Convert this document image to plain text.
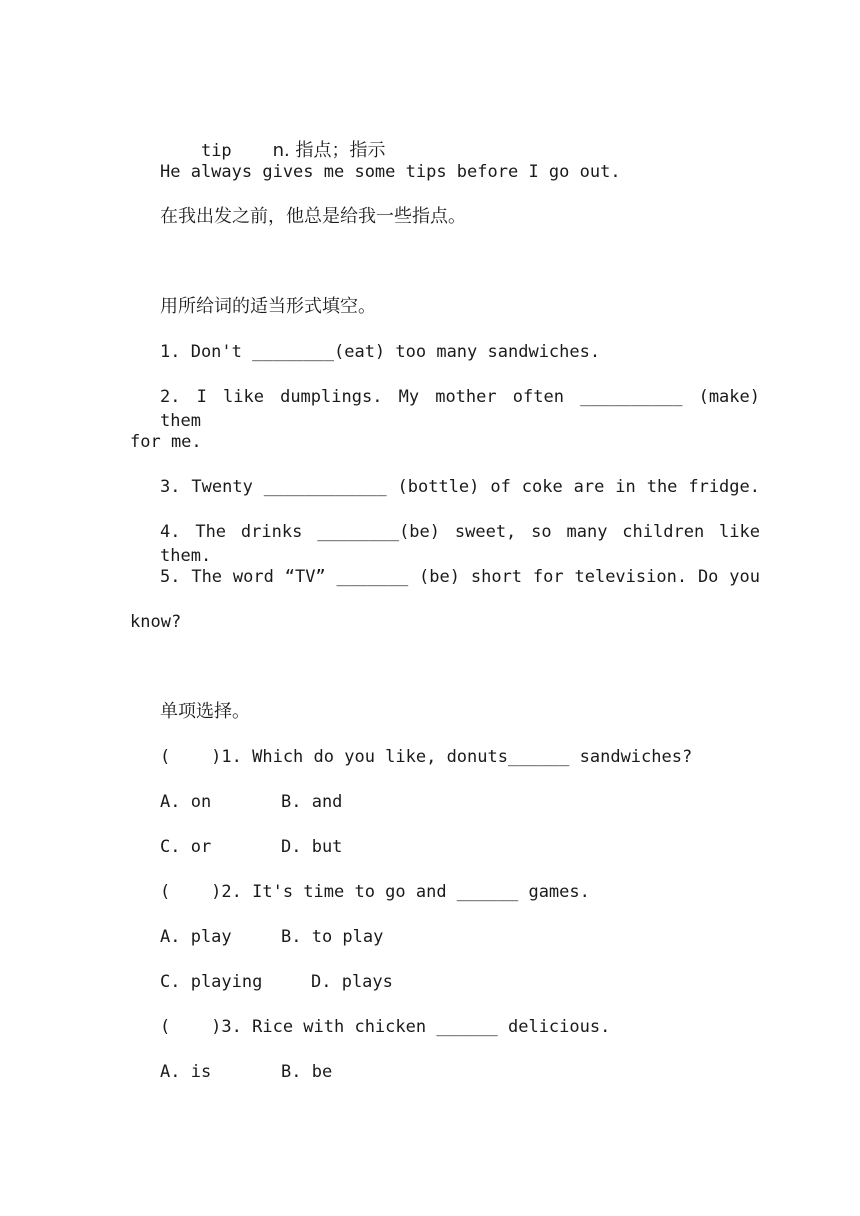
tip n. 指点；指示

He always gives me some tips before I go out.
在我出发之前，他总是给我一些指点。
用所给词的适当形式填空。
1. Don't ________(eat) too many sandwiches.
2. I like dumplings. My mother often __________ (make) them
for me.
3. Twenty ____________ (bottle) of coke are in the fridge.
4. The drinks ________(be) sweet, so many children like them.
5. The word “TV” _______ (be) short for television. Do you
know?
单项选择。
(    )1. Which do you like, donuts______ sandwiches?
A. on	B. and
C. or	D. but
(    )2. It's time to go and ______ games.
A. play	B. to play
C. playing	D. plays
(    )3. Rice with chicken ______ delicious.
A. is	B. be
